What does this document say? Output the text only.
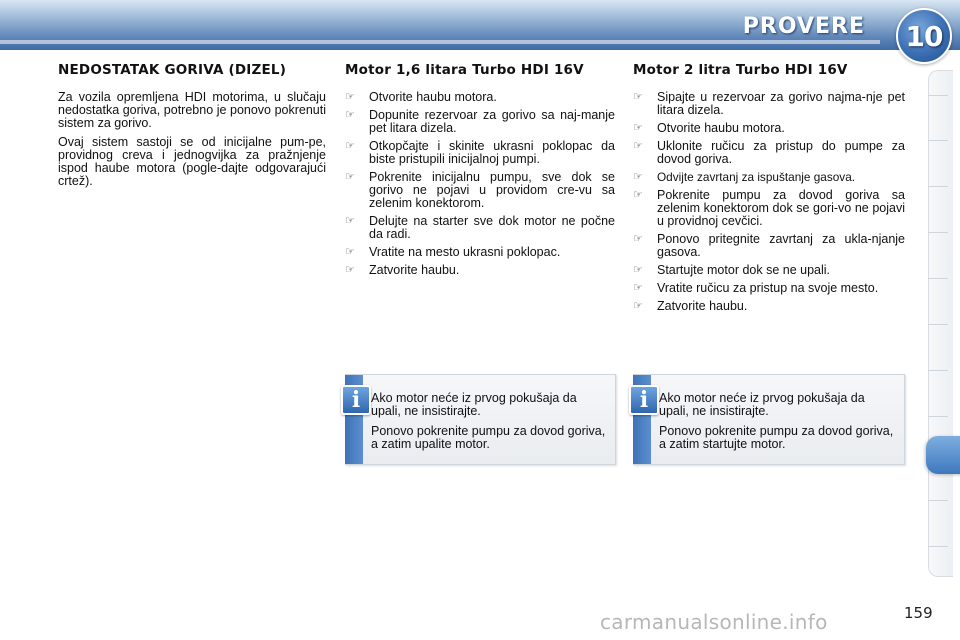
PROVERE 10
NEDOSTATAK GORIVA (DIZEL)

Za vozila opremljena HDI motorima, u slučaju nedostatka goriva, potrebno je ponovo pokrenuti sistem za gorivo.

Ovaj sistem sastoji se od inicijalne pum-pe, providnog creva i jednogvijka za pražnjenje ispod haube motora (pogle-dajte odgovarajući crtež).

Motor 1,6 litara Turbo HDI 16V
☞ Otvorite haubu motora.
☞ Dopunite rezervoar za gorivo sa naj-manje pet litara dizela.
☞ Otkopčajte i skinite ukrasni poklopac da biste pristupili inicijalnoj pumpi.
☞ Pokrenite inicijalnu pumpu, sve dok se gorivo ne pojavi u providom cre-vu sa zelenim konektorom.
☞ Delujte na starter sve dok motor ne počne da radi.
☞ Vratite na mesto ukrasni poklopac.
☞ Zatvorite haubu.
Motor 2 litra Turbo HDI 16V
☞ Sipajte u rezervoar za gorivo najma-nje pet litara dizela.
☞ Otvorite haubu motora.
☞ Uklonite ručicu za pristup do pumpe za dovod goriva.
☞ Odvijte zavrtanj za ispuštanje gasova.
☞ Pokrenite pumpu za dovod goriva sa zelenim konektorom dok se gori-vo ne pojavi u providnoj cevčici.
☞ Ponovo pritegnite zavrtanj za ukla-njanje gasova.
☞ Startujte motor dok se ne upali.
☞ Vratite ručicu za pristup na svoje mesto.
☞ Zatvorite haubu.
i Ako motor neće iz prvog pokušaja da upali, ne insistirajte.

Ponovo pokrenite pumpu za dovod goriva, a zatim upalite motor.

i Ako motor neće iz prvog pokušaja da upali, ne insistirajte.

Ponovo pokrenite pumpu za dovod goriva, a zatim startujte motor.

159
carmanualsonline.info
